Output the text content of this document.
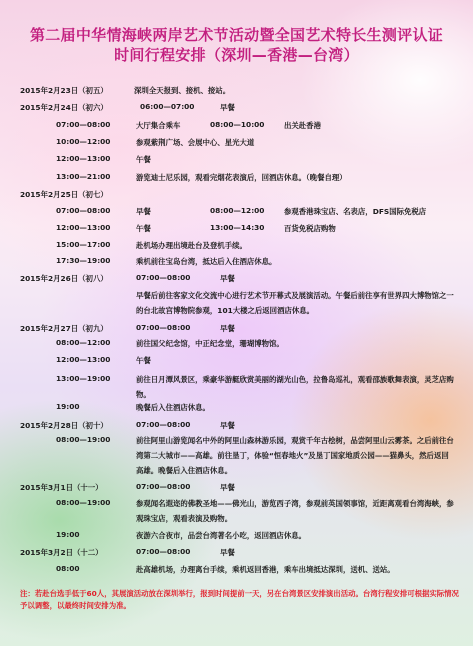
第二届中华情海峡两岸艺术节活动暨全国艺术特长生测评认证
时间行程安排（深圳—香港—台湾）
2015年2月23日（初五）	深圳全天报到、接机、接站。
2015年2月24日（初六）	06:00—07:00	早餐
07:00—08:00	大厅集合乘车	08:00—10:00	出关赴香港
10:00—12:00	参观紫荆广场、会展中心、星光大道
12:00—13:00	午餐
13:00—21:00	游览迪士尼乐园，观看完烟花表演后，回酒店休息。（晚餐自理）
2015年2月25日（初七）
07:00—08:00	早餐	08:00—12:00	参观香港珠宝店、名表店，DFS国际免税店
12:00—13:00	午餐	13:00—14:30	百货免税店购物
15:00—17:00	赴机场办理出境赴台及登机手续。
17:30—19:00	乘机前往宝岛台湾，抵达后入住酒店休息。
2015年2月26日（初八）	07:00—08:00	早餐
早餐后前往客家文化交流中心进行艺术节开幕式及展演活动。午餐后前往享有世界四大博物馆之一的台北故宫博物院参观，101大楼之后返回酒店休息。
2015年2月27日（初九）	07:00—08:00	早餐
08:00—12:00	前往国父纪念馆，中正纪念堂，珊瑚博物馆。
12:00—13:00	午餐
13:00—19:00	前往日月潭风景区，乘豪华游艇欣赏美丽的湖光山色，拉鲁岛巡礼，观看邵族歌舞表演，灵芝店购物。
19:00	晚餐后入住酒店休息。
2015年2月28日（初十）	07:00—08:00	早餐
08:00—19:00	前往阿里山游览闻名中外的阿里山森林游乐园，观赏千年古桧树，品尝阿里山云雾茶。之后前往台湾第二大城市——高雄。前往垦丁，体验“恒春地火”及垦丁国家地质公园——猫鼻头，然后返回高雄。晚餐后入住酒店休息。
2015年3月1日（十一）	07:00—08:00	早餐
08:00—19:00	参观闻名遐迩的佛教圣地——佛光山，游览西子湾，参观前英国领事馆，近距离观看台湾海峡，参观珠宝店，观看表演及购物。
19:00	夜游六合夜市，品尝台湾著名小吃，返回酒店休息。
2015年3月2日（十二）	07:00—08:00	早餐
08:00	赴高雄机场，办理离台手续，乘机返回香港，乘车出境抵达深圳，送机、送站。
注：若赴台选手低于60人，其展演活动放在深圳举行，报到时间提前一天，另在台湾景区安排演出活动。台湾行程安排可根据实际情况予以调整，以最终时间安排为准。
